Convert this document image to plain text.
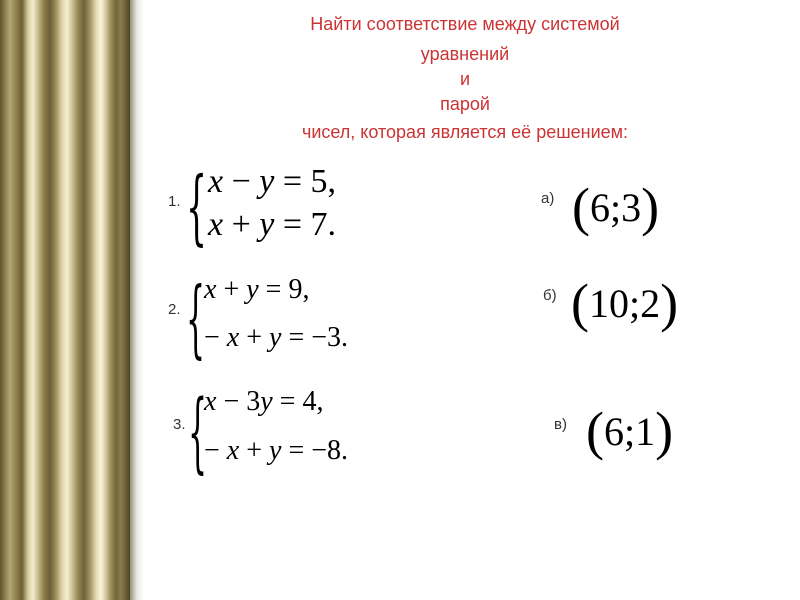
Найти соответствие между системой
уравнений
и
парой
чисел, которая является её решением:
1. { x − y = 5,
x + y = 7.
2. {
x + y = 9,
− x + y = −3.
3. {
x − 3y = 4,
− x + y = −8.
а) (6;3)
б) (10;2)
в) (6;1)
